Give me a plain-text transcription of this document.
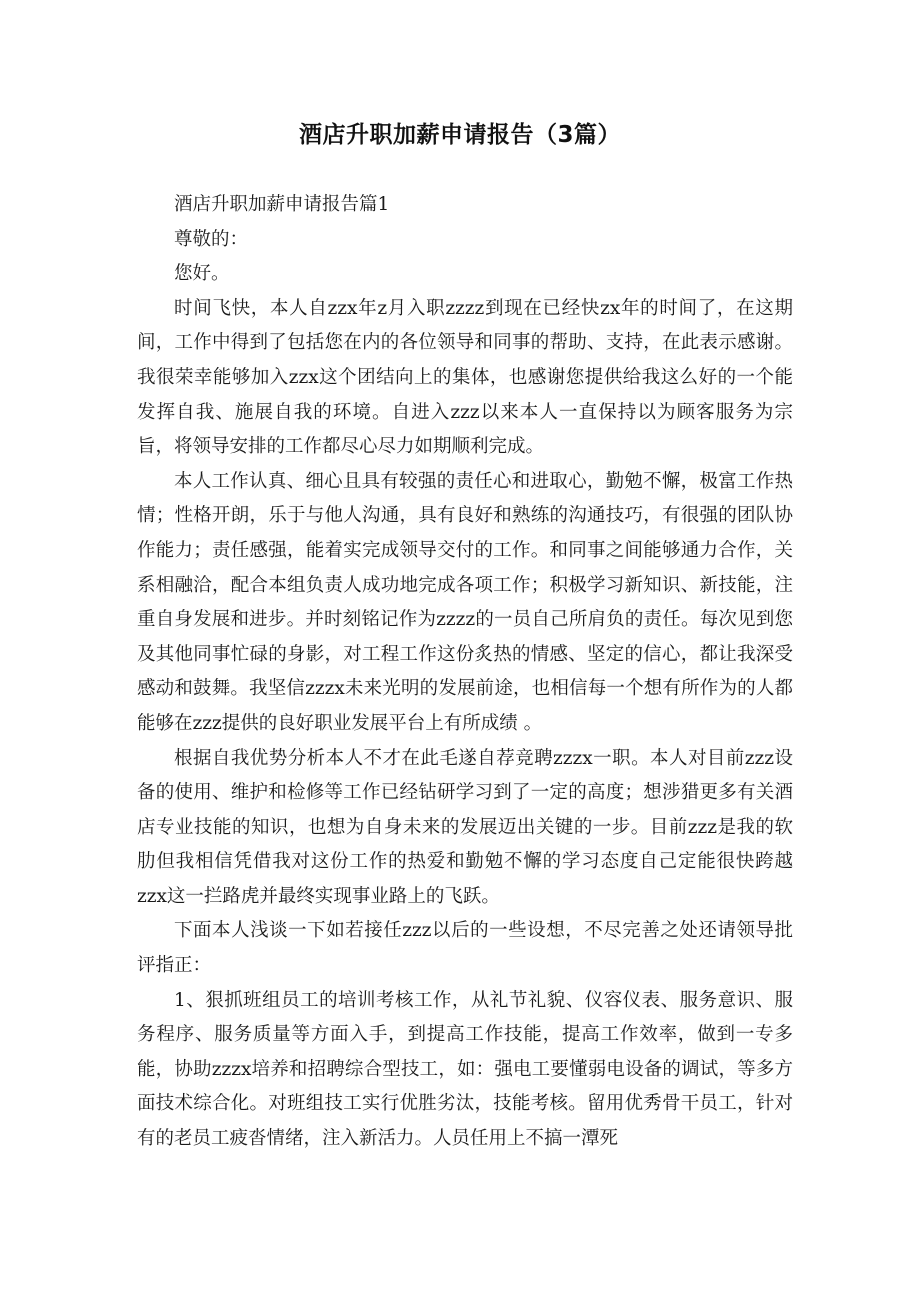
酒店升职加薪申请报告（3篇）

酒店升职加薪申请报告篇1

尊敬的：

您好。

时间飞快，本人自zzx年z月入职zzzz到现在已经快zx年的时间了，在这期间，工作中得到了包括您在内的各位领导和同事的帮助、支持，在此表示感谢。我很荣幸能够加入zzx这个团结向上的集体，也感谢您提供给我这么好的一个能发挥自我、施展自我的环境。自进入zzz以来本人一直保持以为顾客服务为宗旨，将领导安排的工作都尽心尽力如期顺利完成。

本人工作认真、细心且具有较强的责任心和进取心，勤勉不懈，极富工作热情；性格开朗，乐于与他人沟通，具有良好和熟练的沟通技巧，有很强的团队协作能力；责任感强，能着实完成领导交付的工作。和同事之间能够通力合作，关系相融洽，配合本组负责人成功地完成各项工作；积极学习新知识、新技能，注重自身发展和进步。并时刻铭记作为zzzz的一员自己所肩负的责任。每次见到您及其他同事忙碌的身影，对工程工作这份炙热的情感、坚定的信心，都让我深受感动和鼓舞。我坚信zzzx未来光明的发展前途，也相信每一个想有所作为的人都能够在zzz提供的良好职业发展平台上有所成绩 。

根据自我优势分析本人不才在此毛遂自荐竞聘zzzx一职。本人对目前zzz设备的使用、维护和检修等工作已经钻研学习到了一定的高度；想涉猎更多有关酒店专业技能的知识，也想为自身未来的发展迈出关键的一步。目前zzz是我的软肋但我相信凭借我对这份工作的热爱和勤勉不懈的学习态度自己定能很快跨越zzx这一拦路虎并最终实现事业路上的飞跃。

下面本人浅谈一下如若接任zzz以后的一些设想，不尽完善之处还请领导批评指正：

1、狠抓班组员工的培训考核工作，从礼节礼貌、仪容仪表、服务意识、服务程序、服务质量等方面入手，到提高工作技能，提高工作效率，做到一专多能，协助zzzx培养和招聘综合型技工，如：强电工要懂弱电设备的调试，等多方面技术综合化。对班组技工实行优胜劣汰，技能考核。留用优秀骨干员工，针对有的老员工疲沓情绪，注入新活力。人员任用上不搞一潭死
